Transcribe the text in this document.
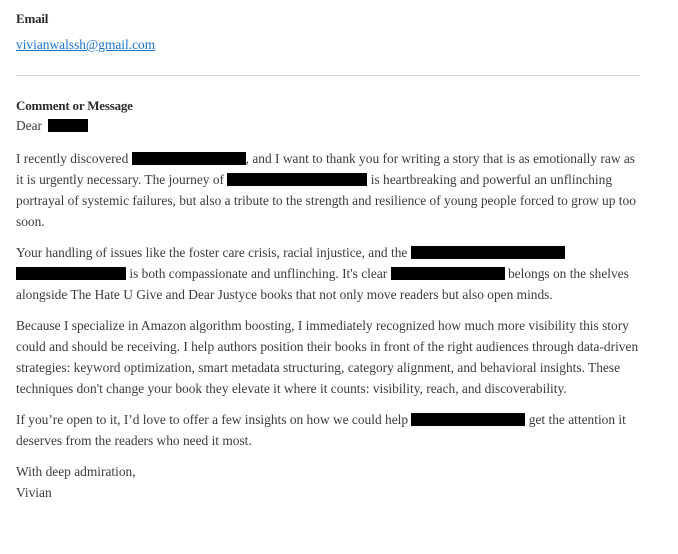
Email
vivianwalssh@gmail.com
Comment or Message
Dear

I recently discovered	, and I want to thank you for writing a story that is as emotionally raw as it is urgently necessary. The journey of	is heartbreaking and powerful an unflinching portrayal of systemic failures, but also a tribute to the strength and resilience of young people forced to grow up too soon.

Your handling of issues like the foster care crisis, racial injustice, and the   is both compassionate and unflinching. It's clear	belongs on the shelves alongside The Hate U Give and Dear Justyce books that not only move readers but also open minds.

Because I specialize in Amazon algorithm boosting, I immediately recognized how much more visibility this story could and should be receiving. I help authors position their books in front of the right audiences through data-driven strategies: keyword optimization, smart metadata structuring, category alignment, and behavioral insights. These techniques don't change your book they elevate it where it counts: visibility, reach, and discoverability.

If you’re open to it, I’d love to offer a few insights on how we could help	get the attention it deserves from the readers who need it most.

With deep admiration,
Vivian
